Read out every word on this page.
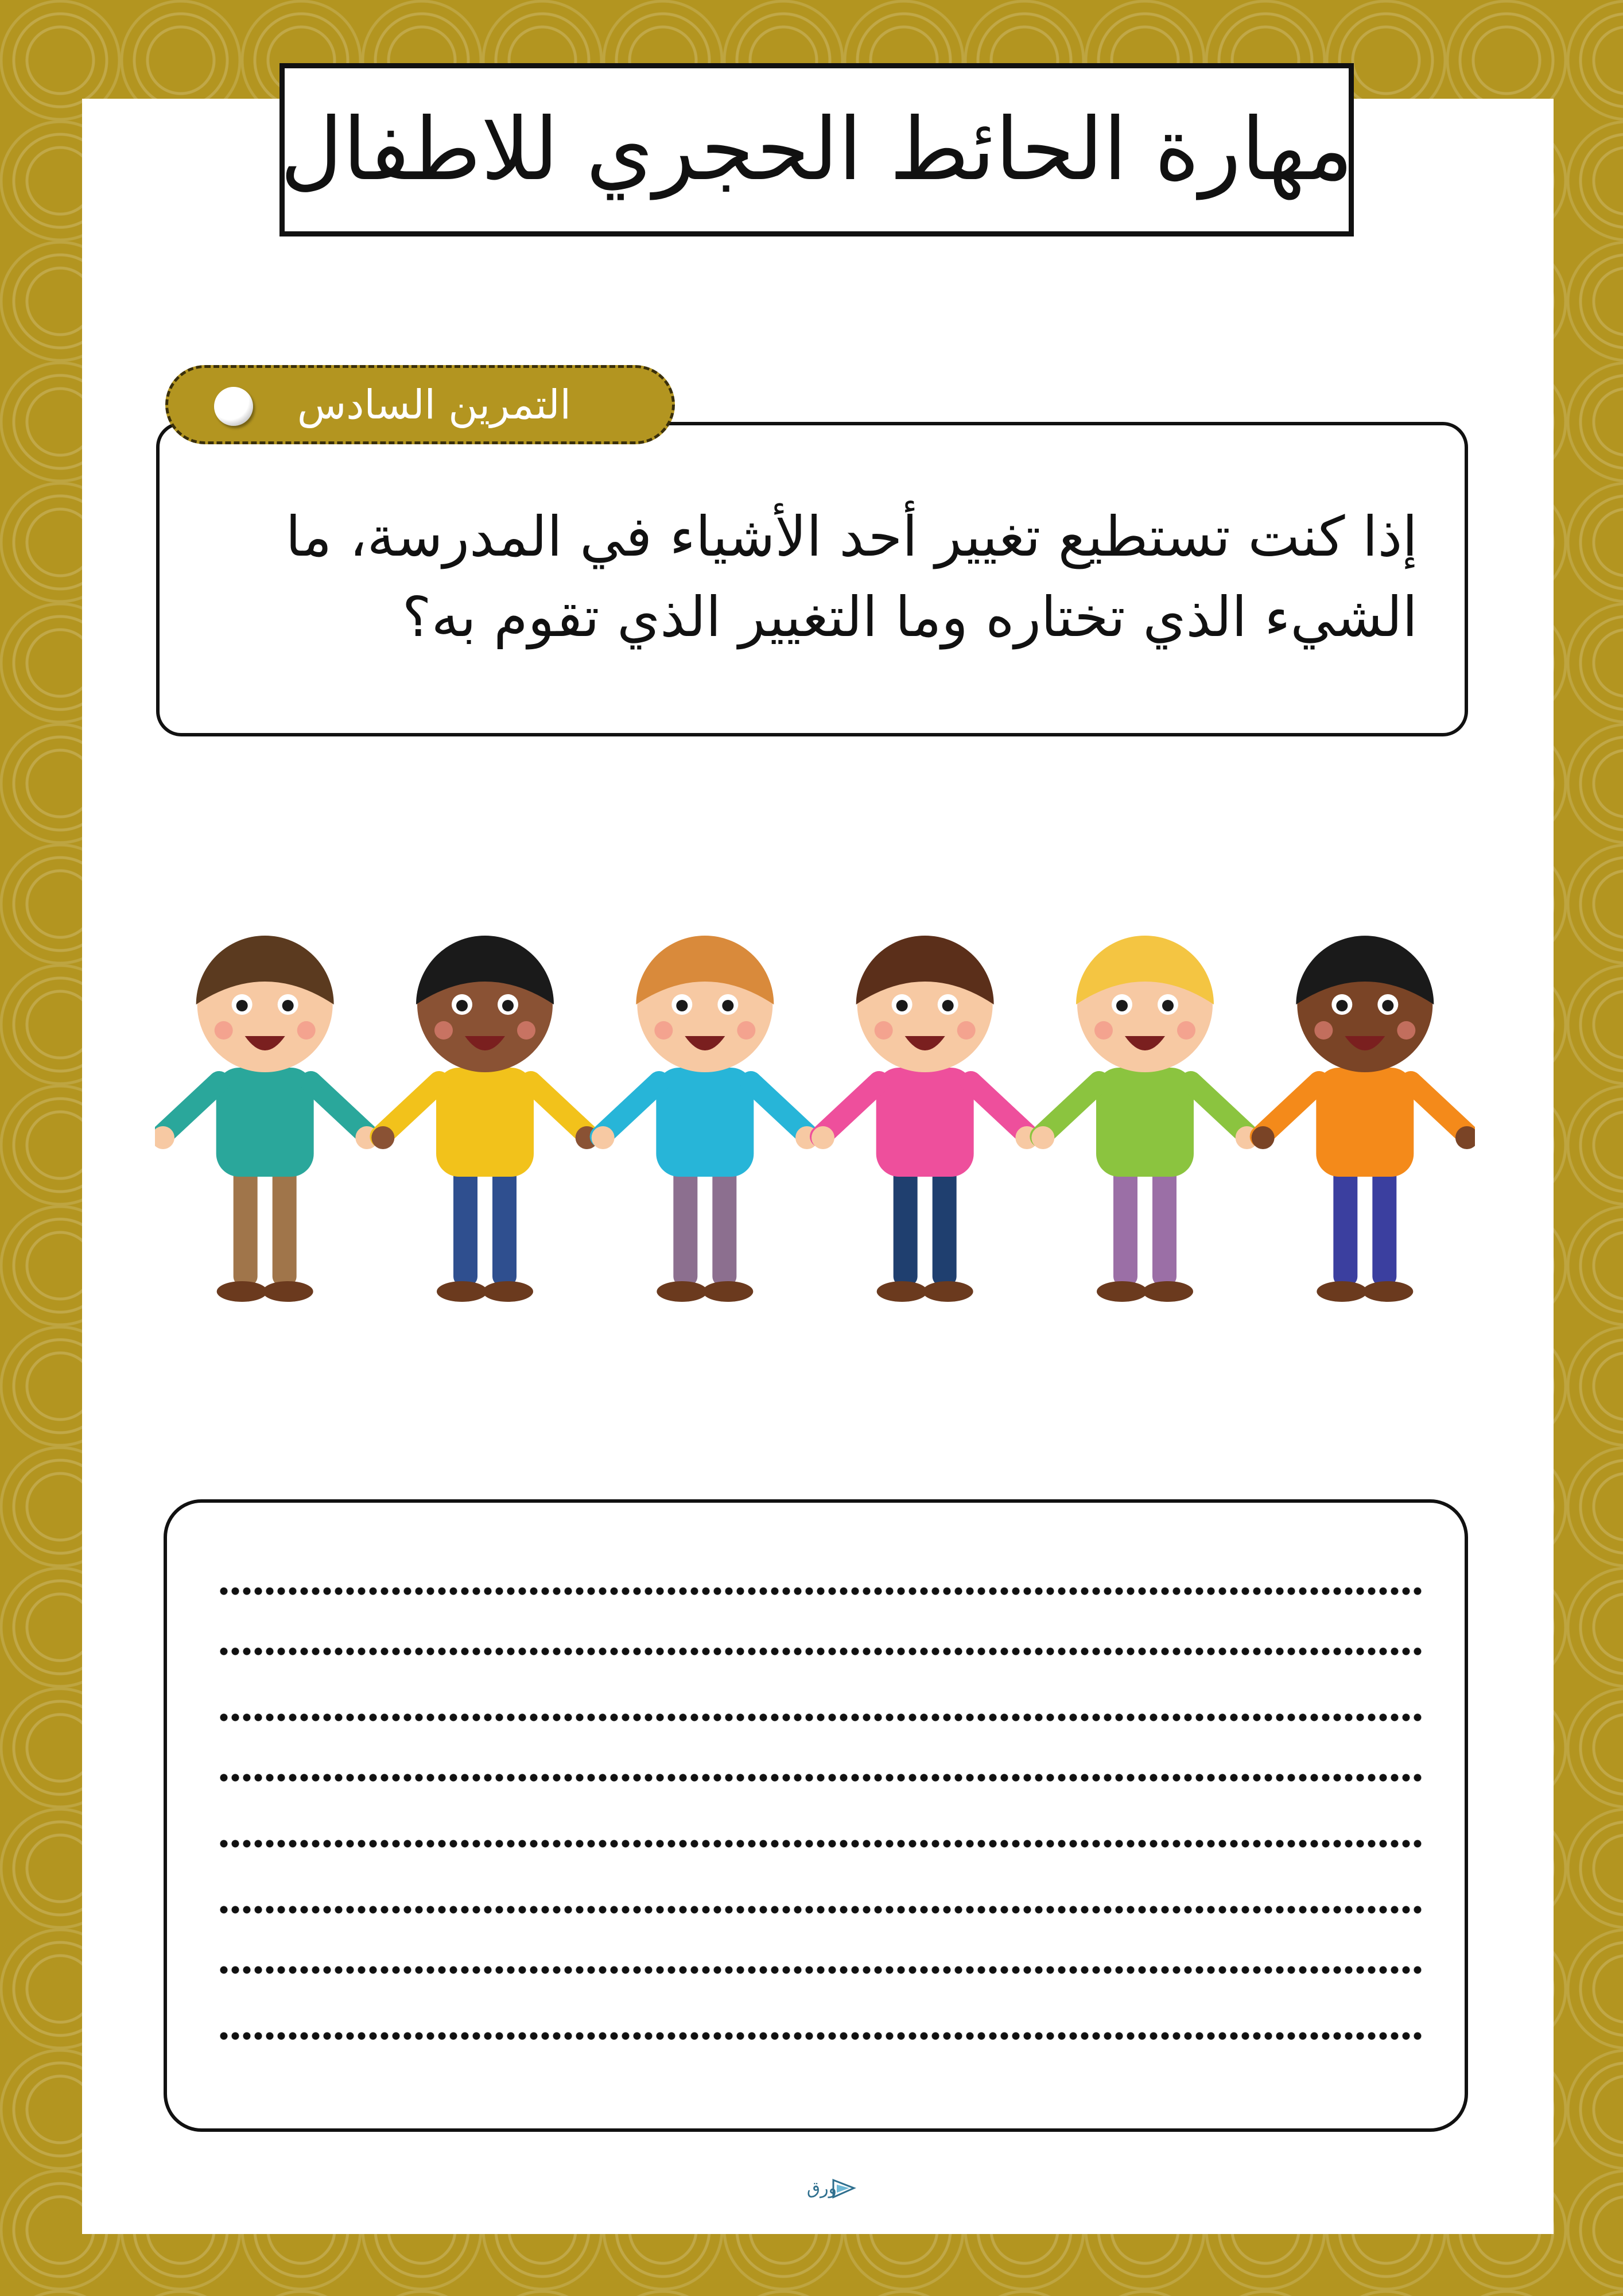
مهارة الحائط الحجري للاطفال
التمرين السادس
إذا كنت تستطيع تغيير أحد الأشياء في المدرسة، ما
الشيء الذي تختاره وما التغيير الذي تقوم به؟
ورق
